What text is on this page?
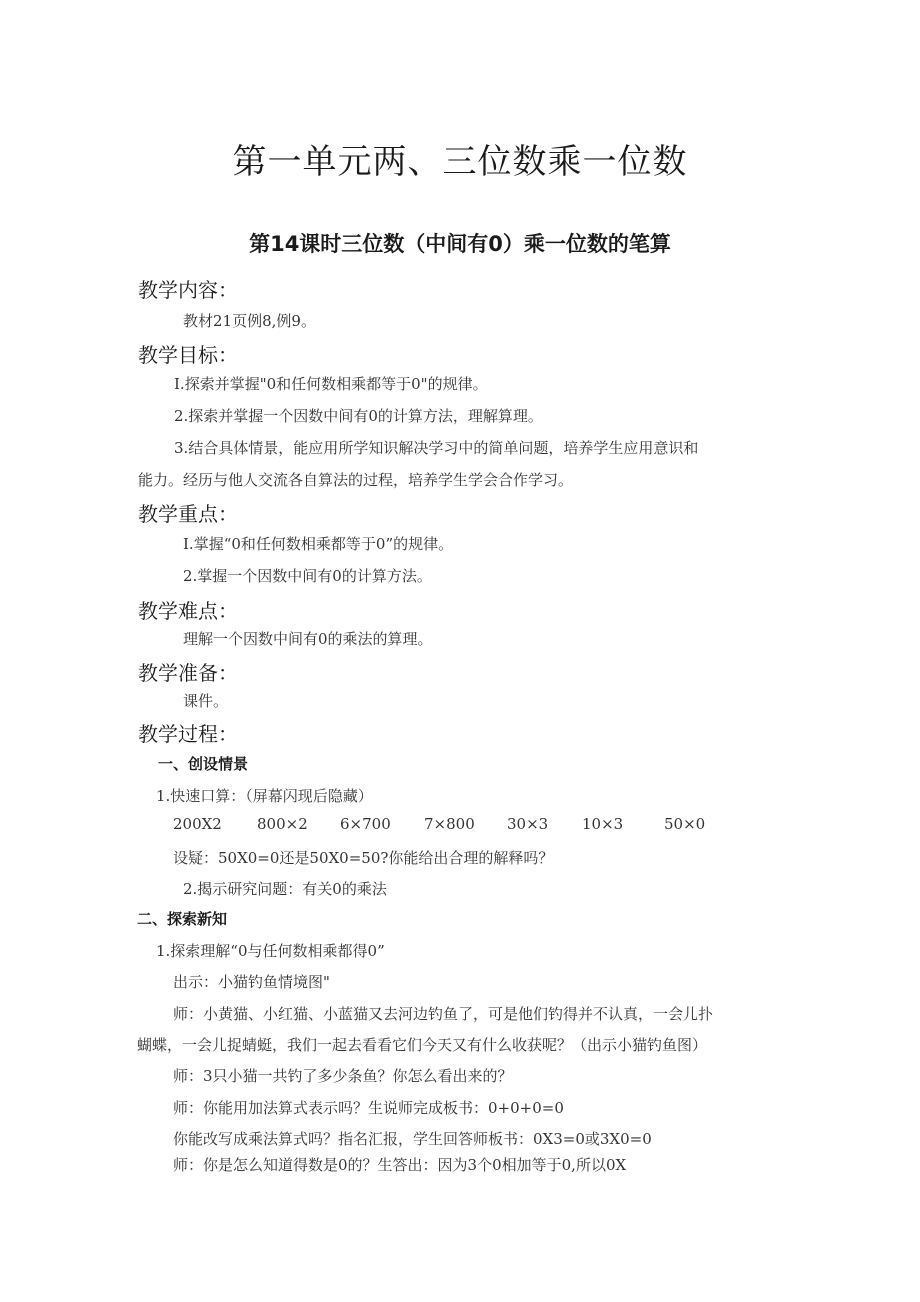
第一单元两、三位数乘一位数
第14课时三位数（中间有0）乘一位数的笔算
教学内容：
教材21页例8,例9。
教学目标：
I.探索并掌握"0和任何数相乘都等于0"的规律。
2.探索并掌握一个因数中间有0的计算方法，理解算理。
3.结合具体情景，能应用所学知识解决学习中的简单问题，培养学生应用意识和
能力。经历与他人交流各自算法的过程，培养学生学会合作学习。
教学重点：
I.掌握“0和任何数相乘都等于0”的规律。
2.掌握一个因数中间有0的计算方法。
教学难点：
理解一个因数中间有0的乘法的算理。
教学准备：
课件。
教学过程：
一、创设情景
1.快速口算：（屏幕闪现后隐藏）
200X2 800×2 6×700 7×800 30×3 10×3	50×0
设疑：50X0=0还是50X0=50?你能给出合理的解释吗？
2.揭示研究问题：有关0的乘法
二、探索新知
1.探索理解“0与任何数相乘都得0”
出示：小猫钓鱼情境图"
师：小黄猫、小红猫、小蓝猫又去河边钓鱼了，可是他们钓得并不认真，一会儿扑
蝴蝶，一会儿捉蜻蜓，我们一起去看看它们今天又有什么收获呢？（出示小猫钓鱼图）
师：3只小猫一共钓了多少条鱼？你怎么看出来的？
师：你能用加法算式表示吗？生说师完成板书：0+0+0=0
你能改写成乘法算式吗？指名汇报，学生回答师板书：0X3=0或3X0=0
师：你是怎么知道得数是0的？生答出：因为3个0相加等于0,所以0X
